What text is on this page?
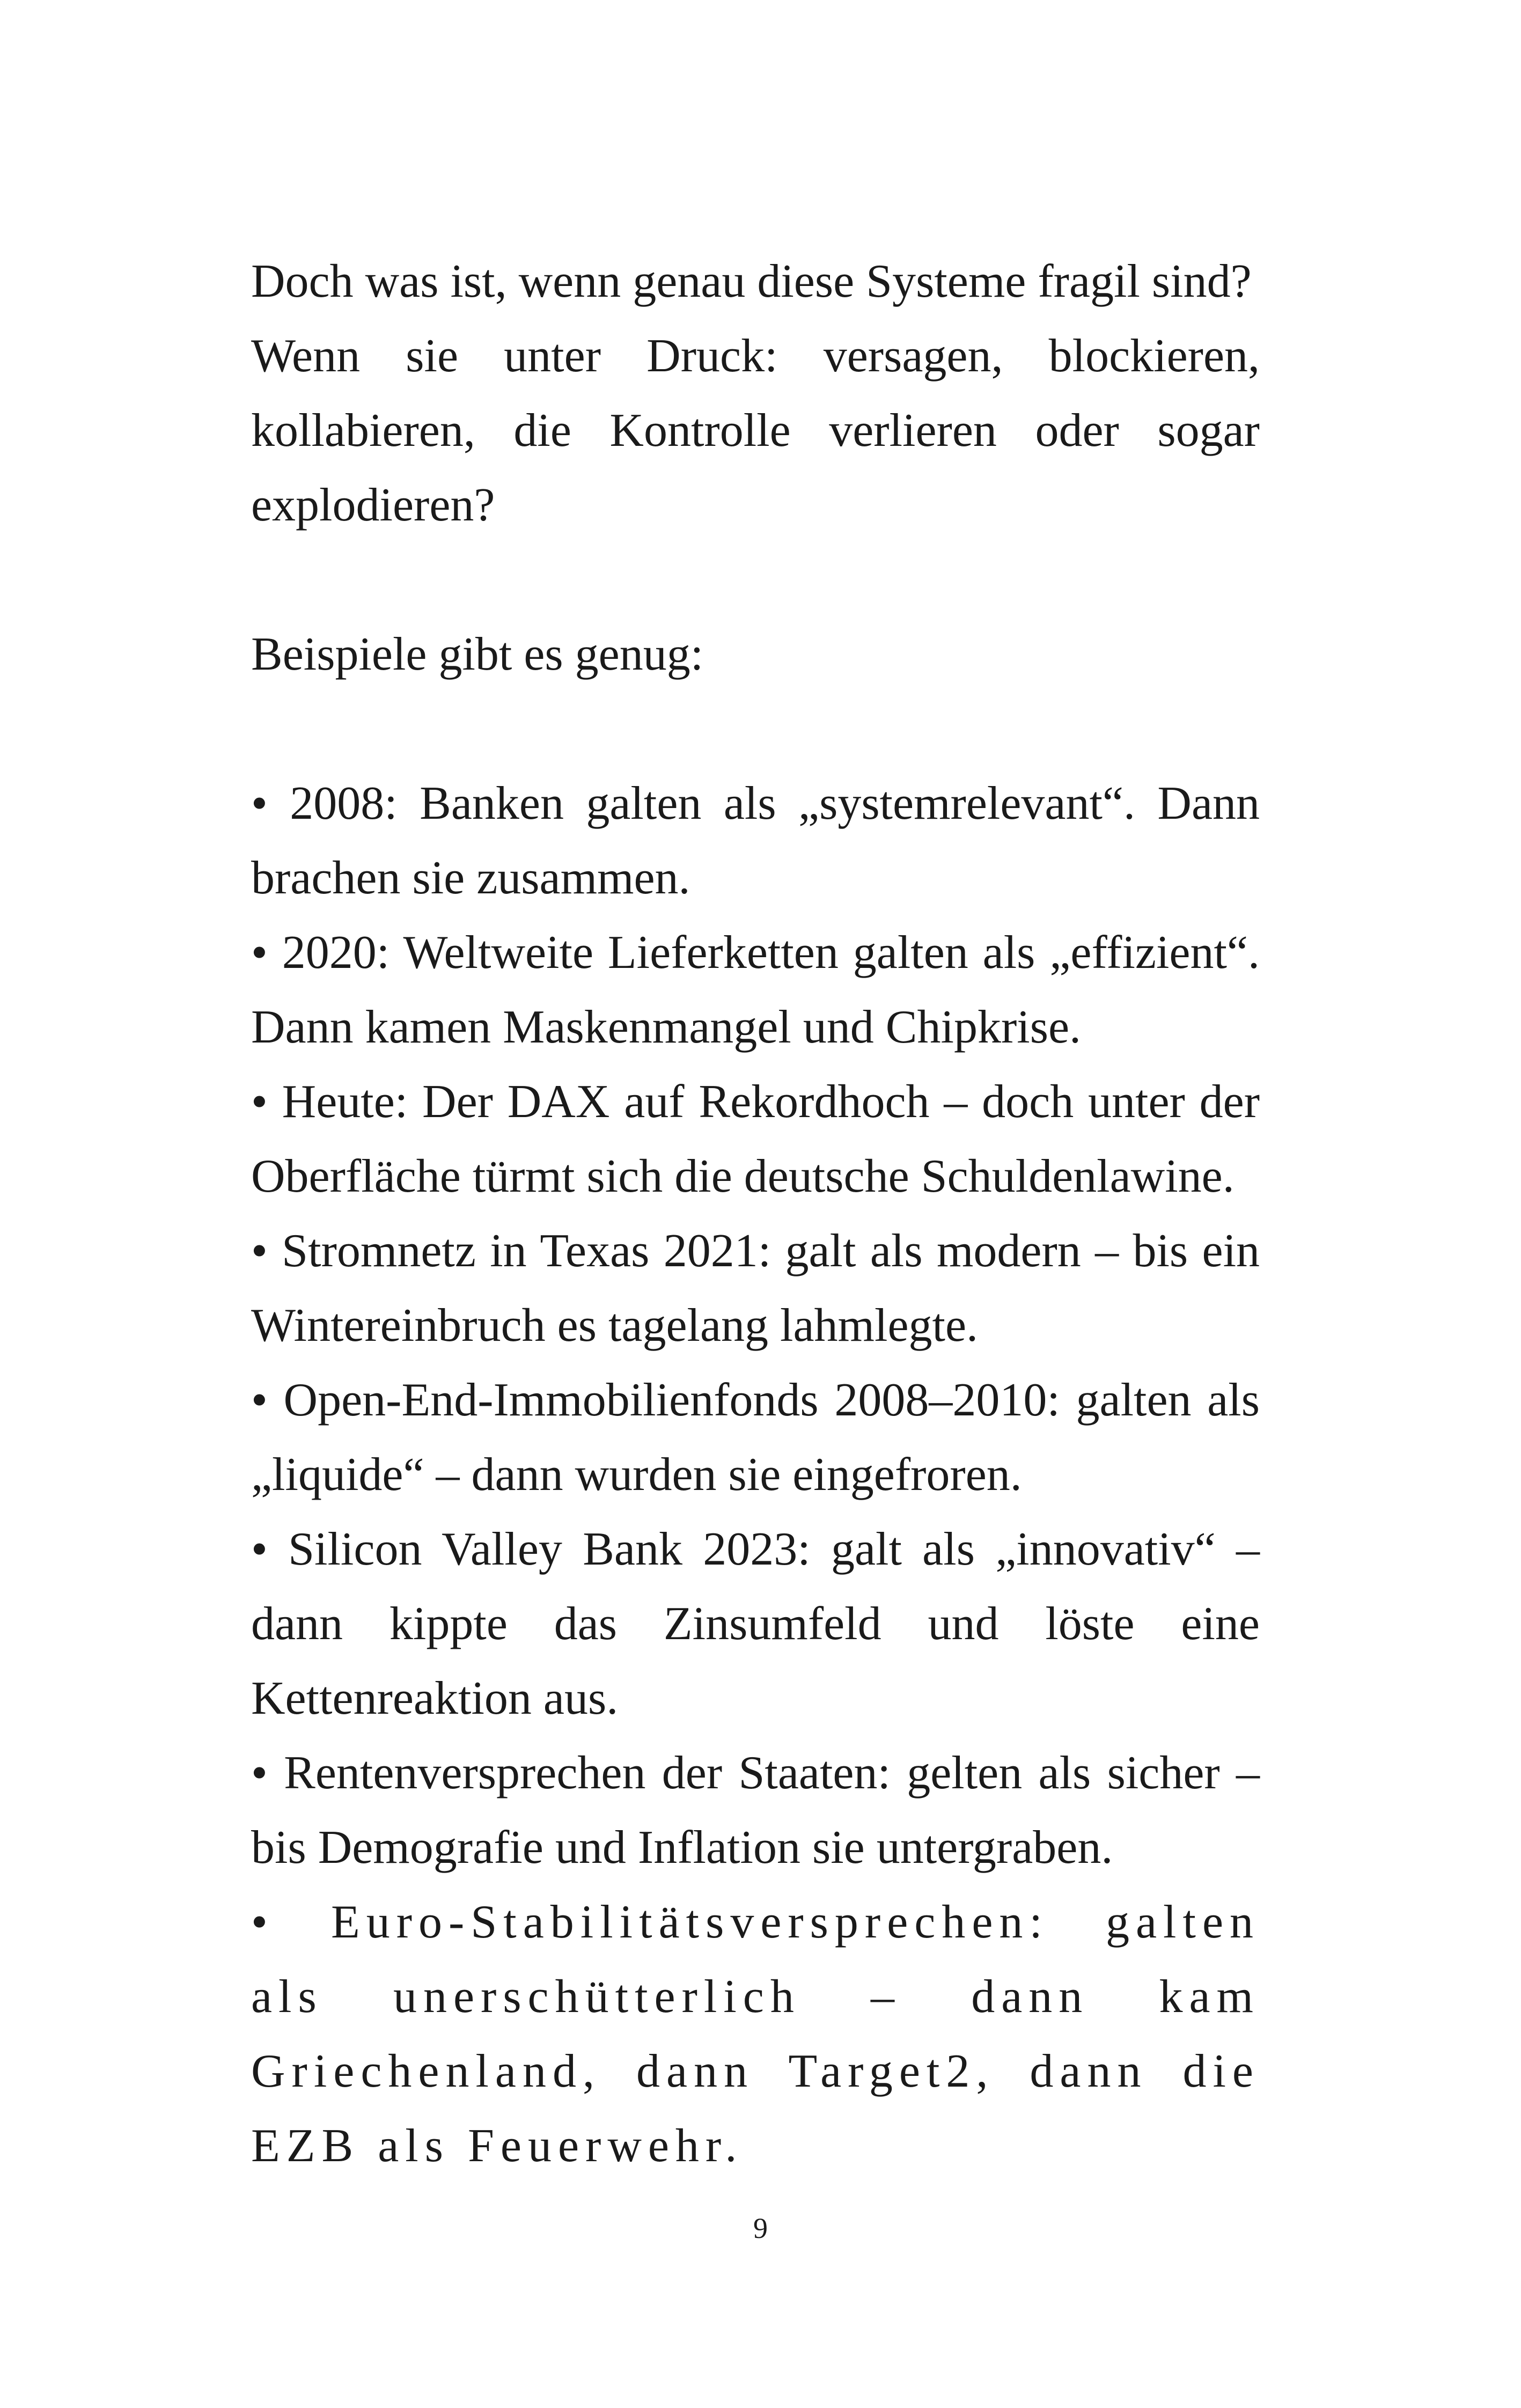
Doch was ist, wenn genau diese Systeme fragil sind?

Wenn sie unter Druck: versagen, blockieren, kollabieren, die Kontrolle verlieren oder sogar explodieren?

Beispiele gibt es genug:

• 2008: Banken galten als „systemrelevant“. Dann brachen sie zusammen.
• 2020: Weltweite Lieferketten galten als „effizient“. Dann kamen Maskenmangel und Chipkrise.
• Heute: Der DAX auf Rekordhoch – doch unter der Oberfläche türmt sich die deutsche Schuldenlawine.
• Stromnetz in Texas 2021: galt als modern – bis ein Wintereinbruch es tagelang lahmlegte.
• Open-End-Immobilienfonds 2008–2010: galten als „liquide“ – dann wurden sie eingefroren.
• Silicon Valley Bank 2023: galt als „innovativ“ – dann kippte das Zinsumfeld und löste eine Kettenreaktion aus.
• Rentenversprechen der Staaten: gelten als sicher – bis Demografie und Inflation sie untergraben.
• Euro-Stabilitätsversprechen: galten als unerschütterlich – dann kam Griechenland, dann Target2, dann die EZB als Feuerwehr.
9
